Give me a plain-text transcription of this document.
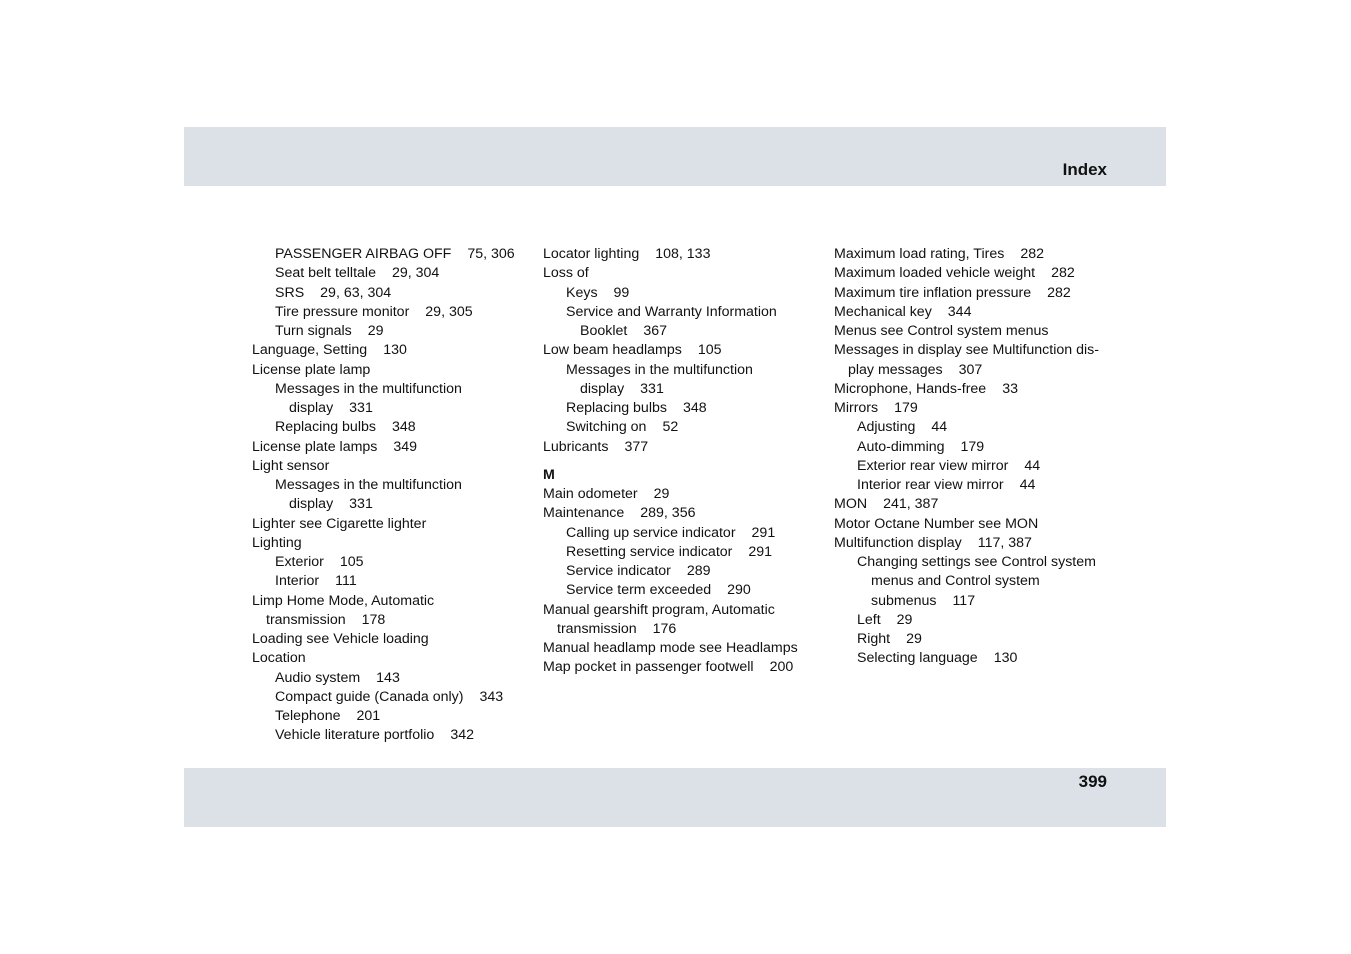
Index
PASSENGER AIRBAG OFF 75, 306
Seat belt telltale 29, 304
SRS 29, 63, 304
Tire pressure monitor 29, 305
Turn signals 29
Language, Setting 130
License plate lamp
Messages in the multifunction
display 331
Replacing bulbs 348
License plate lamps 349
Light sensor
Messages in the multifunction
display 331
Lighter see Cigarette lighter
Lighting
Exterior 105
Interior 111
Limp Home Mode, Automatic
transmission 178
Loading see Vehicle loading
Location
Audio system 143
Compact guide (Canada only) 343
Telephone 201
Vehicle literature portfolio 342
Locator lighting 108, 133
Loss of
Keys 99
Service and Warranty Information
Booklet 367
Low beam headlamps 105
Messages in the multifunction
display 331
Replacing bulbs 348
Switching on 52
Lubricants 377
M
Main odometer 29
Maintenance 289, 356
Calling up service indicator 291
Resetting service indicator 291
Service indicator 289
Service term exceeded 290
Manual gearshift program, Automatic
transmission 176
Manual headlamp mode see Headlamps
Map pocket in passenger footwell 200
Maximum load rating, Tires 282
Maximum loaded vehicle weight 282
Maximum tire inflation pressure 282
Mechanical key 344
Menus see Control system menus
Messages in display see Multifunction dis-
play messages 307
Microphone, Hands-free 33
Mirrors 179
Adjusting 44
Auto-dimming 179
Exterior rear view mirror 44
Interior rear view mirror 44
MON 241, 387
Motor Octane Number see MON
Multifunction display 117, 387
Changing settings see Control system
menus and Control system
submenus 117
Left 29
Right 29
Selecting language 130
399
